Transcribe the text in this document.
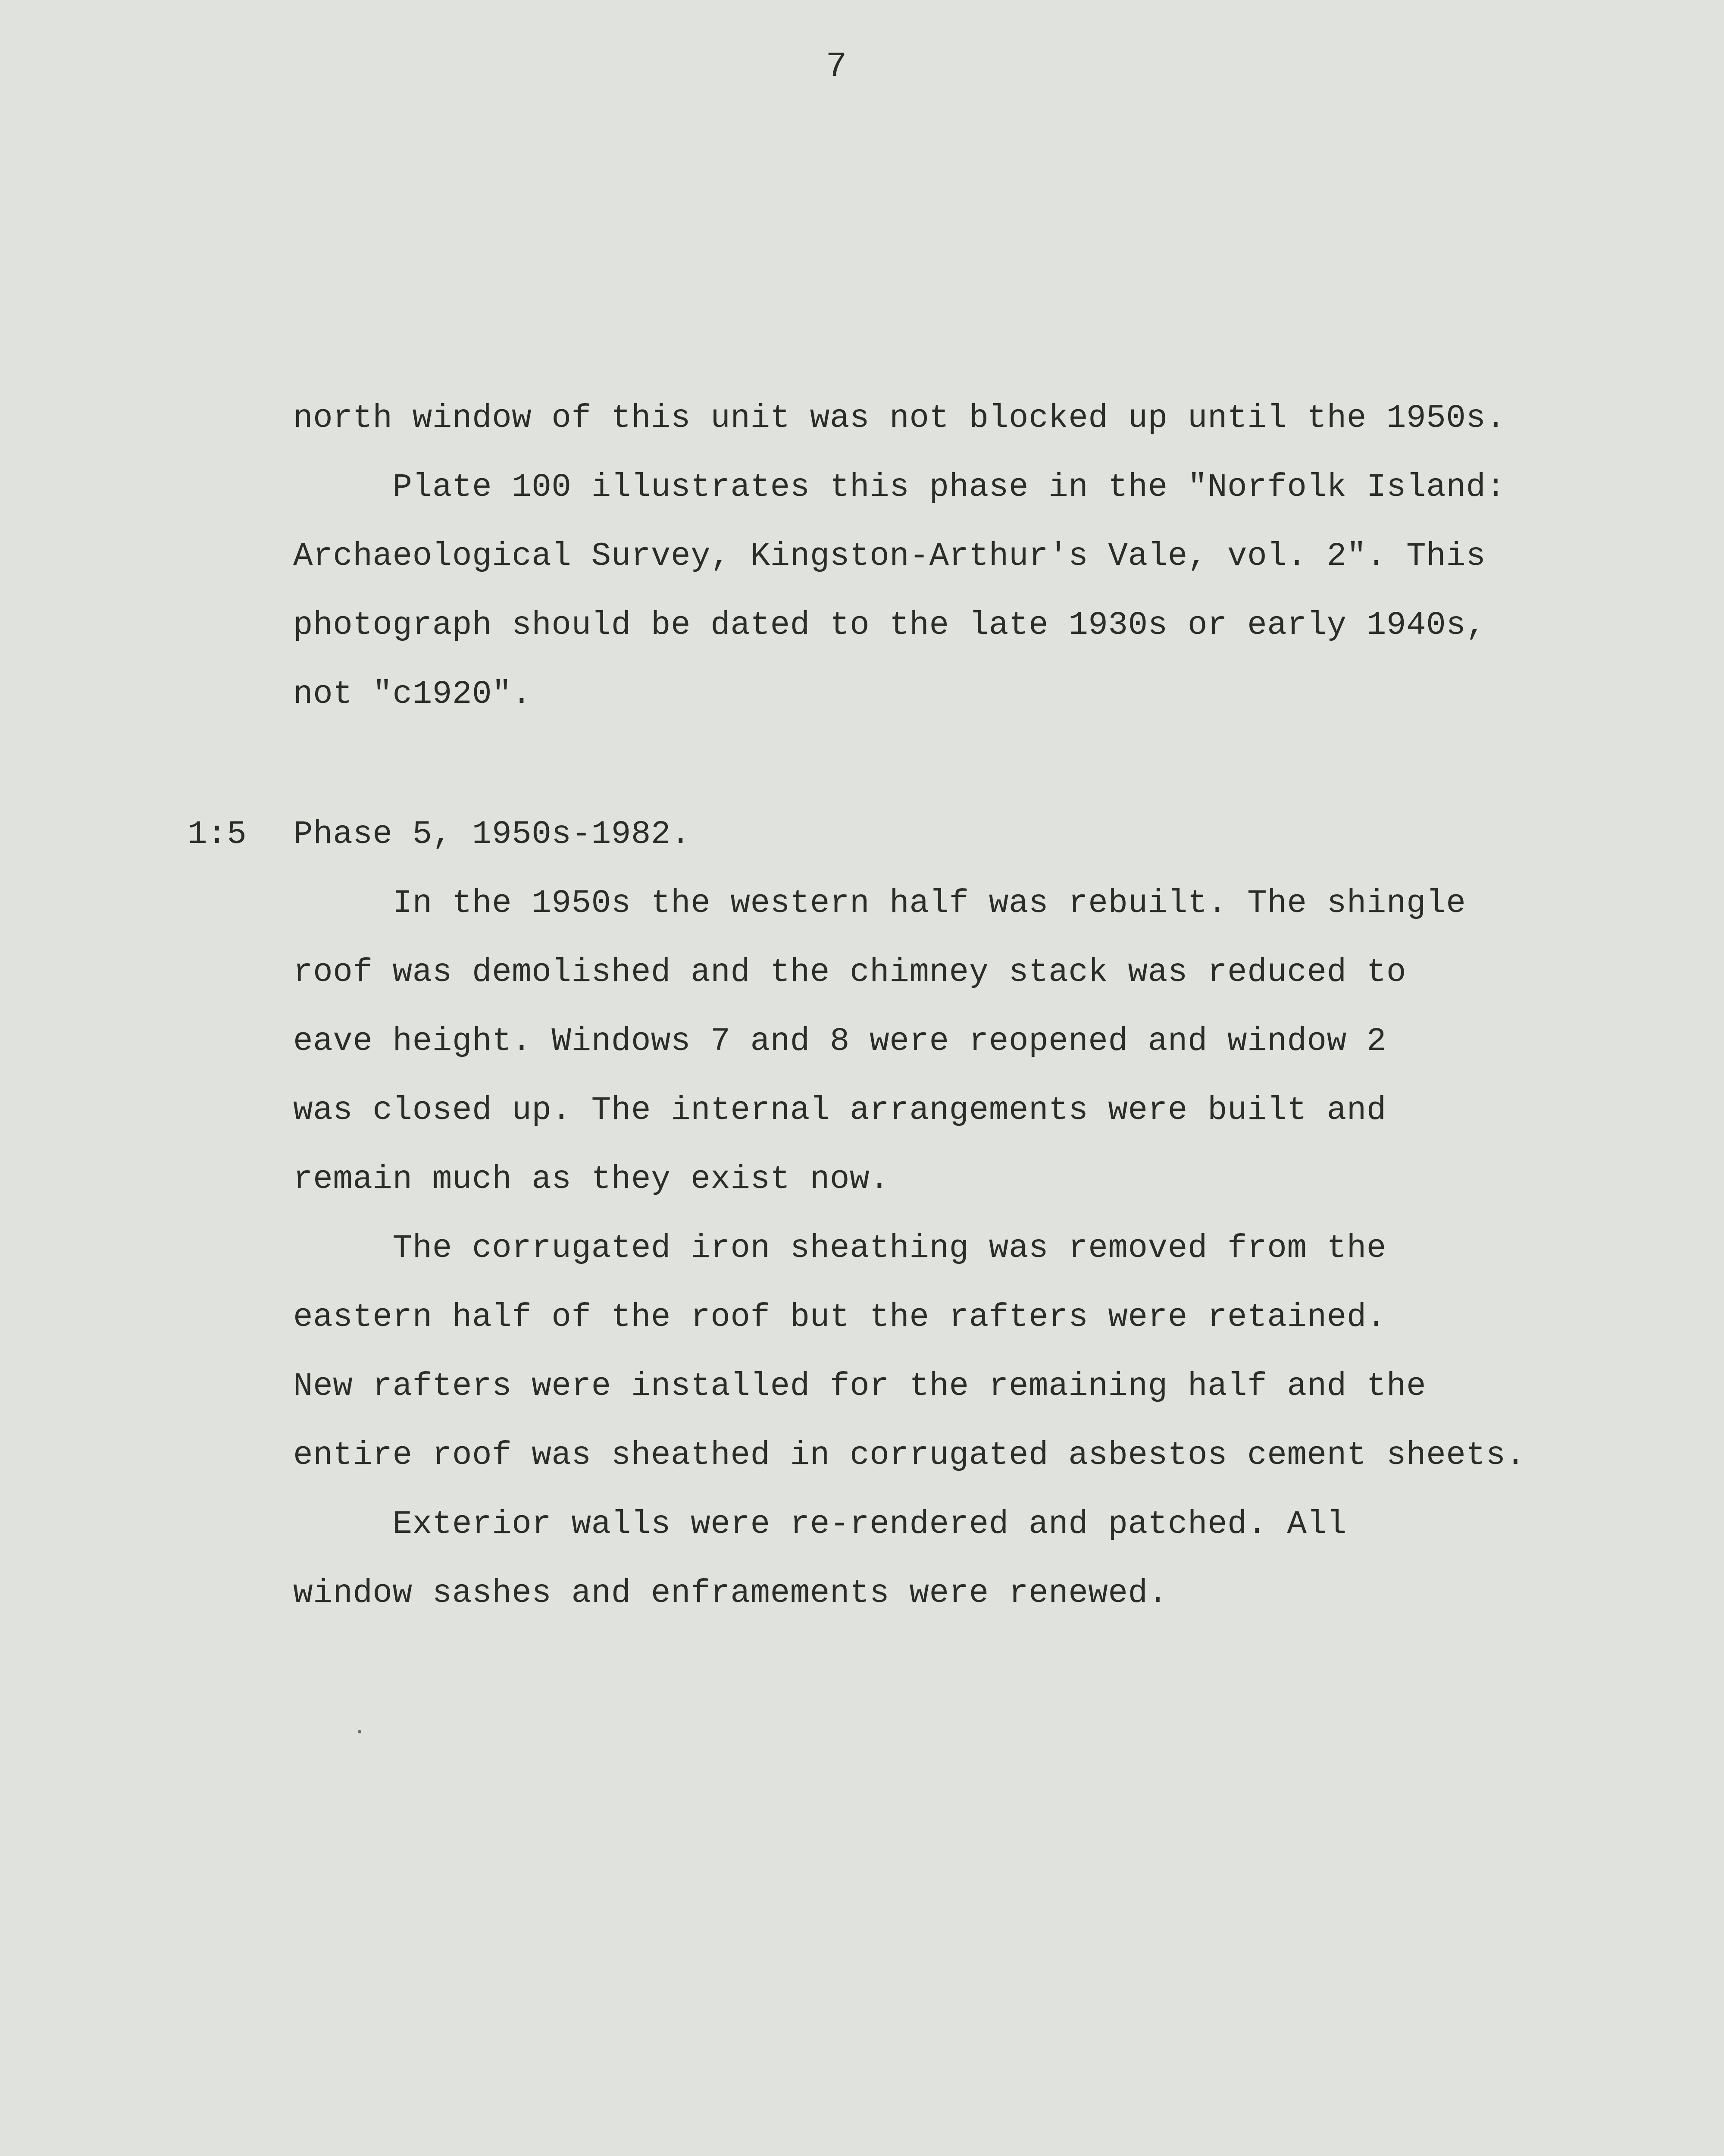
7
north window of this unit was not blocked up until the 1950s.
Plate 100 illustrates this phase in the "Norfolk Island:
Archaeological Survey, Kingston-Arthur's Vale, vol. 2". This
photograph should be dated to the late 1930s or early 1940s,
not "c1920".
1:5 Phase 5, 1950s-1982.
In the 1950s the western half was rebuilt. The shingle
roof was demolished and the chimney stack was reduced to
eave height. Windows 7 and 8 were reopened and window 2
was closed up. The internal arrangements were built and
remain much as they exist now.
The corrugated iron sheathing was removed from the
eastern half of the roof but the rafters were retained.
New rafters were installed for the remaining half and the
entire roof was sheathed in corrugated asbestos cement sheets.
Exterior walls were re-rendered and patched. All
window sashes and enframements were renewed.
